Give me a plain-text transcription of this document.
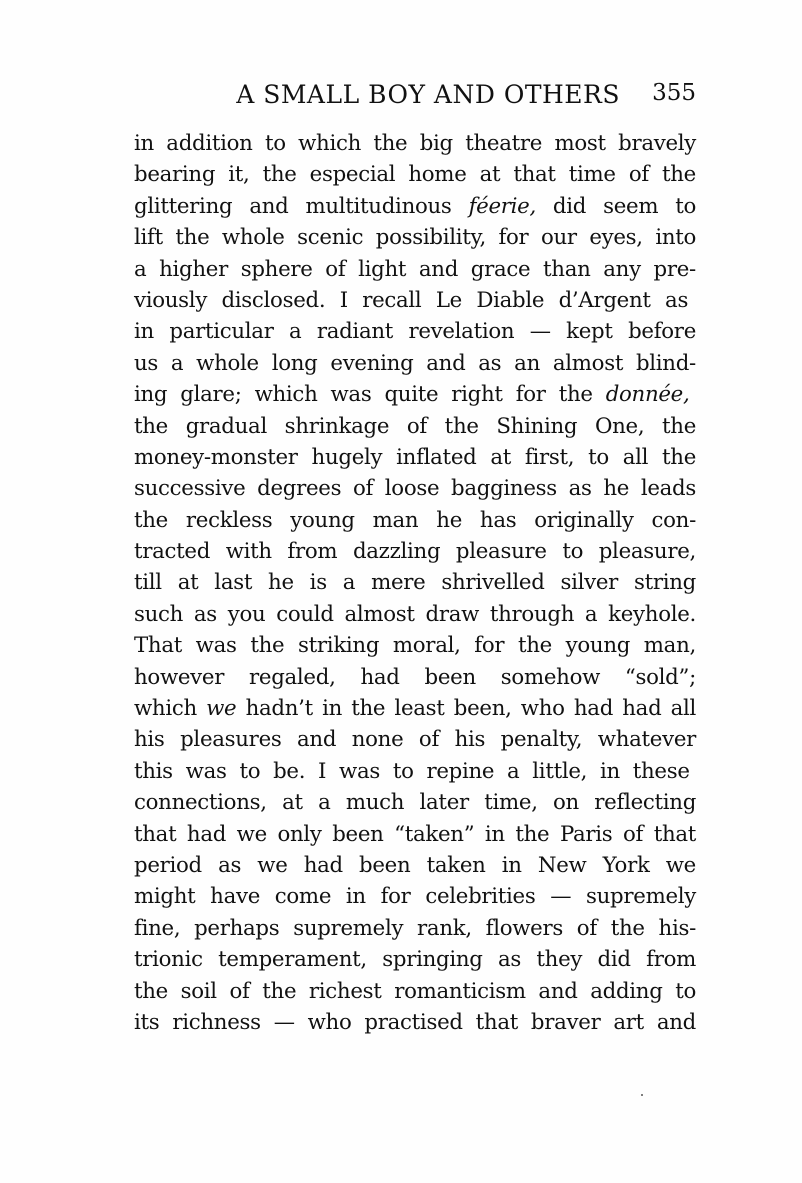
A SMALL BOY AND OTHERS 355
in addition to which the big theatre most bravely
bearing it, the especial home at that time of the
glittering and multitudinous féerie, did seem to
lift the whole scenic possibility, for our eyes, into
a higher sphere of light and grace than any pre-
viously disclosed. I recall Le Diable d’Argent as
in particular a radiant revelation — kept before
us a whole long evening and as an almost blind-
ing glare; which was quite right for the donnée,
the gradual shrinkage of the Shining One, the
money-monster hugely inflated at first, to all the
successive degrees of loose bagginess as he leads
the reckless young man he has originally con-
tracted with from dazzling pleasure to pleasure,
till at last he is a mere shrivelled silver string
such as you could almost draw through a keyhole.
That was the striking moral, for the young man,
however regaled, had been somehow “sold”;
which we hadn’t in the least been, who had had all
his pleasures and none of his penalty, whatever
this was to be. I was to repine a little, in these
connections, at a much later time, on reflecting
that had we only been “taken” in the Paris of that
period as we had been taken in New York we
might have come in for celebrities — supremely
fine, perhaps supremely rank, flowers of the his-
trionic temperament, springing as they did from
the soil of the richest romanticism and adding to
its richness — who practised that braver art and
